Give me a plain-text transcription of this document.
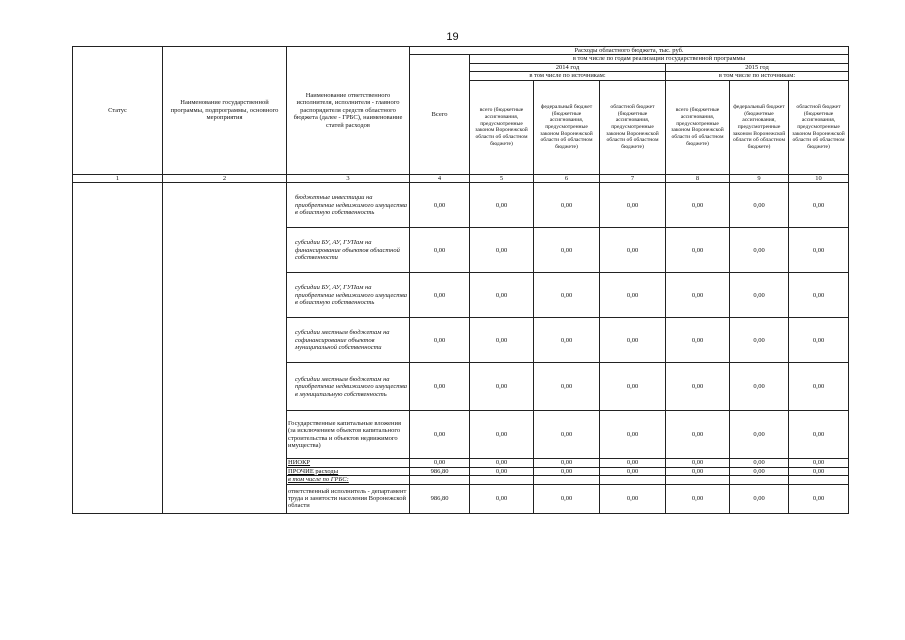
19
Статус	Наименование государственной программы, подпрограммы, основного мероприятия	Наименование ответственного исполнителя, исполнителя - главного распорядителя средств областного бюджета (далее - ГРБС), наименование статей расходов	Расходы областного бюджета, тыс. руб.						
			Всего	в том числе по годам реализации государственной программы					
				2014 год			2015 год		
				в том числе по источникам:			в том числе по источникам:		
				всего (бюджетные ассигнования, предусмотренные законом Воронежской области об областном бюджете)	федеральный бюджет (бюджетные ассигнования, предусмотренные законом Воронежской области об областном бюджете)	областной бюджет (бюджетные ассигнования, предусмотренные законом Воронежской области об областном бюджете)	всего (бюджетные ассигнования, предусмотренные законом Воронежской области об областном бюджете)	федеральный бюджет (бюджетные ассигнования, предусмотренные законом Воронежской области об областном бюджете)	областной бюджет (бюджетные ассигнования, предусмотренные законом Воронежской области об областном бюджете)
1	2	3	4	5	6	7	8	9	10
		бюджетные инвестиции на приобретение недвижимого имущества в областную собственность	0,00	0,00	0,00	0,00	0,00	0,00	0,00
		субсидии БУ, АУ, ГУПам на финансирование объектов областной собственности	0,00	0,00	0,00	0,00	0,00	0,00	0,00
		субсидии БУ, АУ, ГУПам на приобретение недвижимого имущества в областную собственность	0,00	0,00	0,00	0,00	0,00	0,00	0,00
		субсидии местным бюджетам на софинансирование объектов муниципальной собственности	0,00	0,00	0,00	0,00	0,00	0,00	0,00
		субсидии местным бюджетам на приобретение недвижимого имущества в муниципальную собственность	0,00	0,00	0,00	0,00	0,00	0,00	0,00
		Государственные капитальные вложения (за исключением объектов капитального строительства и объектов недвижимого имущества)	0,00	0,00	0,00	0,00	0,00	0,00	0,00
		НИОКР	0,00	0,00	0,00	0,00	0,00	0,00	0,00
		ПРОЧИЕ расходы	986,80	0,00	0,00	0,00	0,00	0,00	0,00
		в том числе по ГРБС:							
		ответственный исполнитель - департамент труда и занятости населения Воронежской области	986,80	0,00	0,00	0,00	0,00	0,00	0,00
